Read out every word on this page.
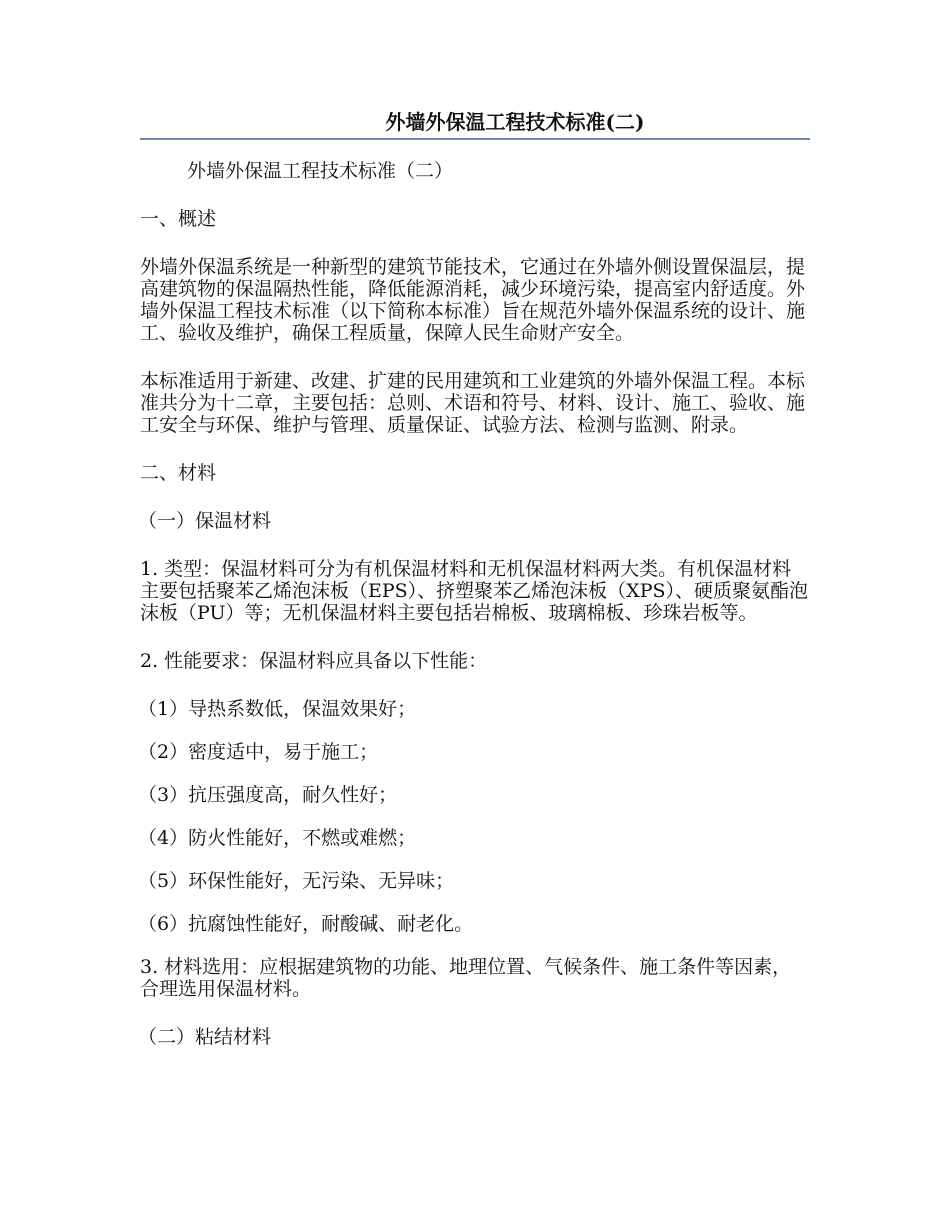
外墙外保温工程技术标准(二)

外墙外保温工程技术标准（二）

一、概述

外墙外保温系统是一种新型的建筑节能技术，它通过在外墙外侧设置保温层，提高建筑物的保温隔热性能，降低能源消耗，减少环境污染，提高室内舒适度。外墙外保温工程技术标准（以下简称本标准）旨在规范外墙外保温系统的设计、施工、验收及维护，确保工程质量，保障人民生命财产安全。

本标准适用于新建、改建、扩建的民用建筑和工业建筑的外墙外保温工程。本标准共分为十二章，主要包括：总则、术语和符号、材料、设计、施工、验收、施工安全与环保、维护与管理、质量保证、试验方法、检测与监测、附录。

二、材料

（一）保温材料

1. 类型：保温材料可分为有机保温材料和无机保温材料两大类。有机保温材料主要包括聚苯乙烯泡沫板（EPS）、挤塑聚苯乙烯泡沫板（XPS）、硬质聚氨酯泡沫板（PU）等；无机保温材料主要包括岩棉板、玻璃棉板、珍珠岩板等。

2. 性能要求：保温材料应具备以下性能：

（1）导热系数低，保温效果好；

（2）密度适中，易于施工；

（3）抗压强度高，耐久性好；

（4）防火性能好，不燃或难燃；

（5）环保性能好，无污染、无异味；

（6）抗腐蚀性能好，耐酸碱、耐老化。

3. 材料选用：应根据建筑物的功能、地理位置、气候条件、施工条件等因素，合理选用保温材料。

（二）粘结材料
